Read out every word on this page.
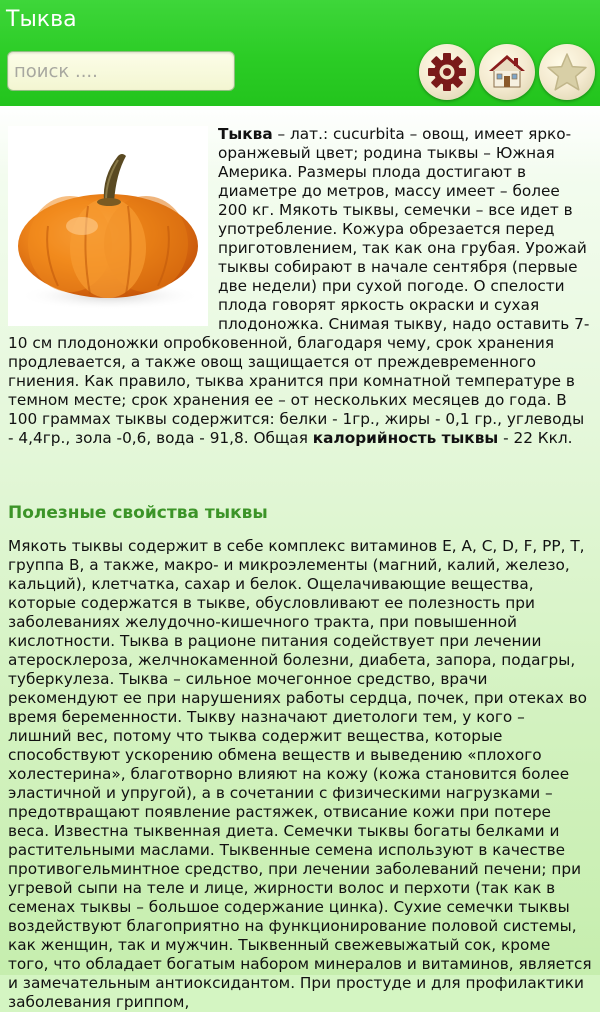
Тыква
поиск ....
Тыква – лат.: cucurbita – овощ, имеет ярко-оранжевый цвет; родина тыквы – Южная Америка. Размеры плода достигают в диаметре до метров, массу имеет – более 200 кг. Мякоть тыквы, семечки – все идет в употребление. Кожура обрезается перед приготовлением, так как она грубая. Урожай тыквы собирают в начале сентября (первые две недели) при сухой погоде. О спелости плода говорят яркость окраски и сухая плодоножка. Снимая тыкву, надо оставить 7-10 см плодоножки опробковенной, благодаря чему, срок хранения продлевается, а также овощ защищается от преждевременного гниения. Как правило, тыква хранится при комнатной температуре в темном месте; срок хранения ее – от нескольких месяцев до года. В 100 граммах тыквы содержится: белки - 1гр., жиры - 0,1 гр., углеводы - 4,4гр., зола -0,6, вода - 91,8. Общая калорийность тыквы - 22 Ккл.
Полезные свойства тыквы
Мякоть тыквы содержит в себе комплекс витаминов Е, А, С, D, F, РР, Т, группа В, а также, макро- и микроэлементы (магний, калий, железо, кальций), клетчатка, сахар и белок. Ощелачивающие вещества, которые содержатся в тыкве, обусловливают ее полезность при заболеваниях желудочно-кишечного тракта, при повышенной кислотности. Тыква в рационе питания содействует при лечении атеросклероза, желчнокаменной болезни, диабета, запора, подагры, туберкулеза. Тыква – сильное мочегонное средство, врачи рекомендуют ее при нарушениях работы сердца, почек, при отеках во время беременности. Тыкву назначают диетологи тем, у кого – лишний вес, потому что тыква содержит вещества, которые способствуют ускорению обмена веществ и выведению «плохого холестерина», благотворно влияют на кожу (кожа становится более эластичной и упругой), а в сочетании с физическими нагрузками – предотвращают появление растяжек, отвисание кожи при потере веса. Известна тыквенная диета. Семечки тыквы богаты белками и растительными маслами. Тыквенные семена используют в качестве противогельминтное средство, при лечении заболеваний печени; при угревой сыпи на теле и лице, жирности волос и перхоти (так как в семенах тыквы – большое содержание цинка). Сухие семечки тыквы воздействуют благоприятно на функционирование половой системы, как женщин, так и мужчин. Тыквенный свежевыжатый сок, кроме того, что обладает богатым набором минералов и витаминов, является и замечательным антиоксидантом. При простуде и для профилактики заболевания гриппом,
